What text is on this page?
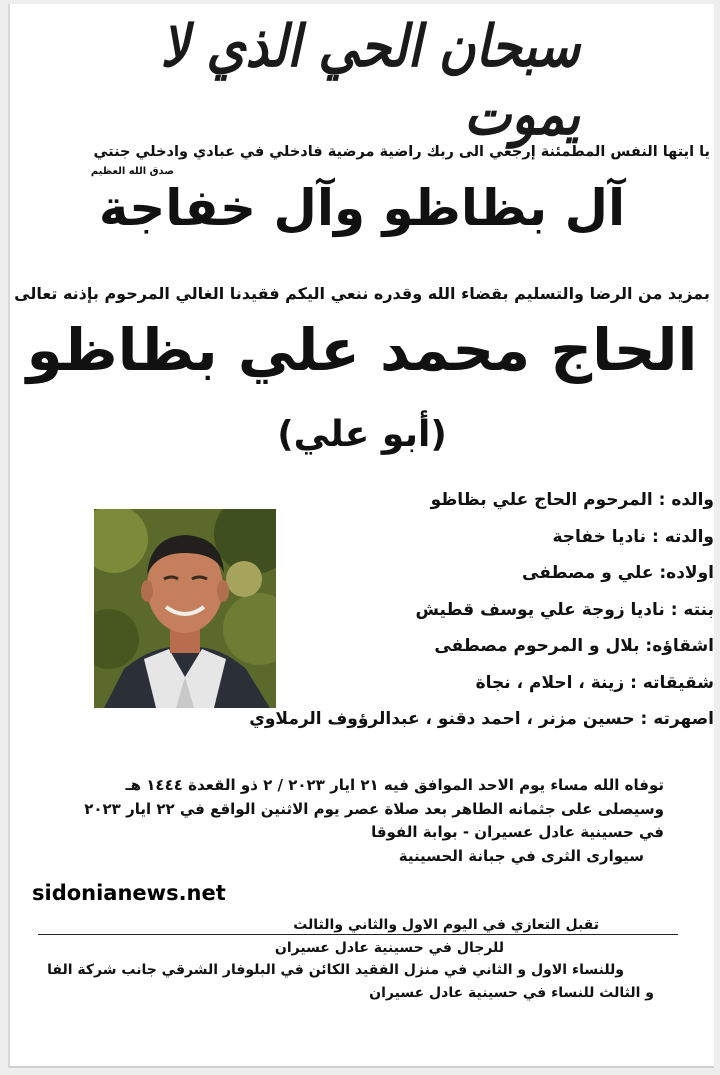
سبحان الحي الذي لا يموت
يا ايتها النفس المطمئنة إرجعي الى ربك راضية مرضية فادخلي في عبادي وادخلي جنتي
صدق الله العظيم
آل بظاظو وآل خفاجة
بمزيد من الرضا والتسليم بقضاء الله وقدره ننعي اليكم فقيدنا الغالي المرحوم بإذنه تعالى
الحاج محمد علي بظاظو
(أبو علي)
والده : المرحوم الحاج علي بظاظو
والدته : ناديا خفاجة
اولاده: علي و مصطفى
بنته : ناديا زوجة علي يوسف قطيش
اشقاؤه: بلال و المرحوم مصطفى
شقيقاته : زينة ، احلام ، نجاة
اصهرته : حسين مزنر ، احمد دقنو ، عبدالرؤوف الرملاوي
توفاه الله مساء يوم الاحد الموافق فيه ٢١ ايار ٢٠٢٣ / ٢ ذو القعدة ١٤٤٤ هـ
وسيصلى على جثمانه الطاهر بعد صلاة عصر يوم الاثنين الواقع في ٢٢ ايار ٢٠٢٣
في حسينية عادل عسيران - بوابة الفوقا
سيوارى الثرى في جبانة الحسينية
sidonianews.net
تقبل التعازي في اليوم الاول والثاني والثالث
للرجال في حسينية عادل عسيران
وللنساء الاول و الثاني في منزل الفقيد الكائن في البلوفار الشرقي جانب شركة الفا
و الثالث للنساء في حسينية عادل عسيران
